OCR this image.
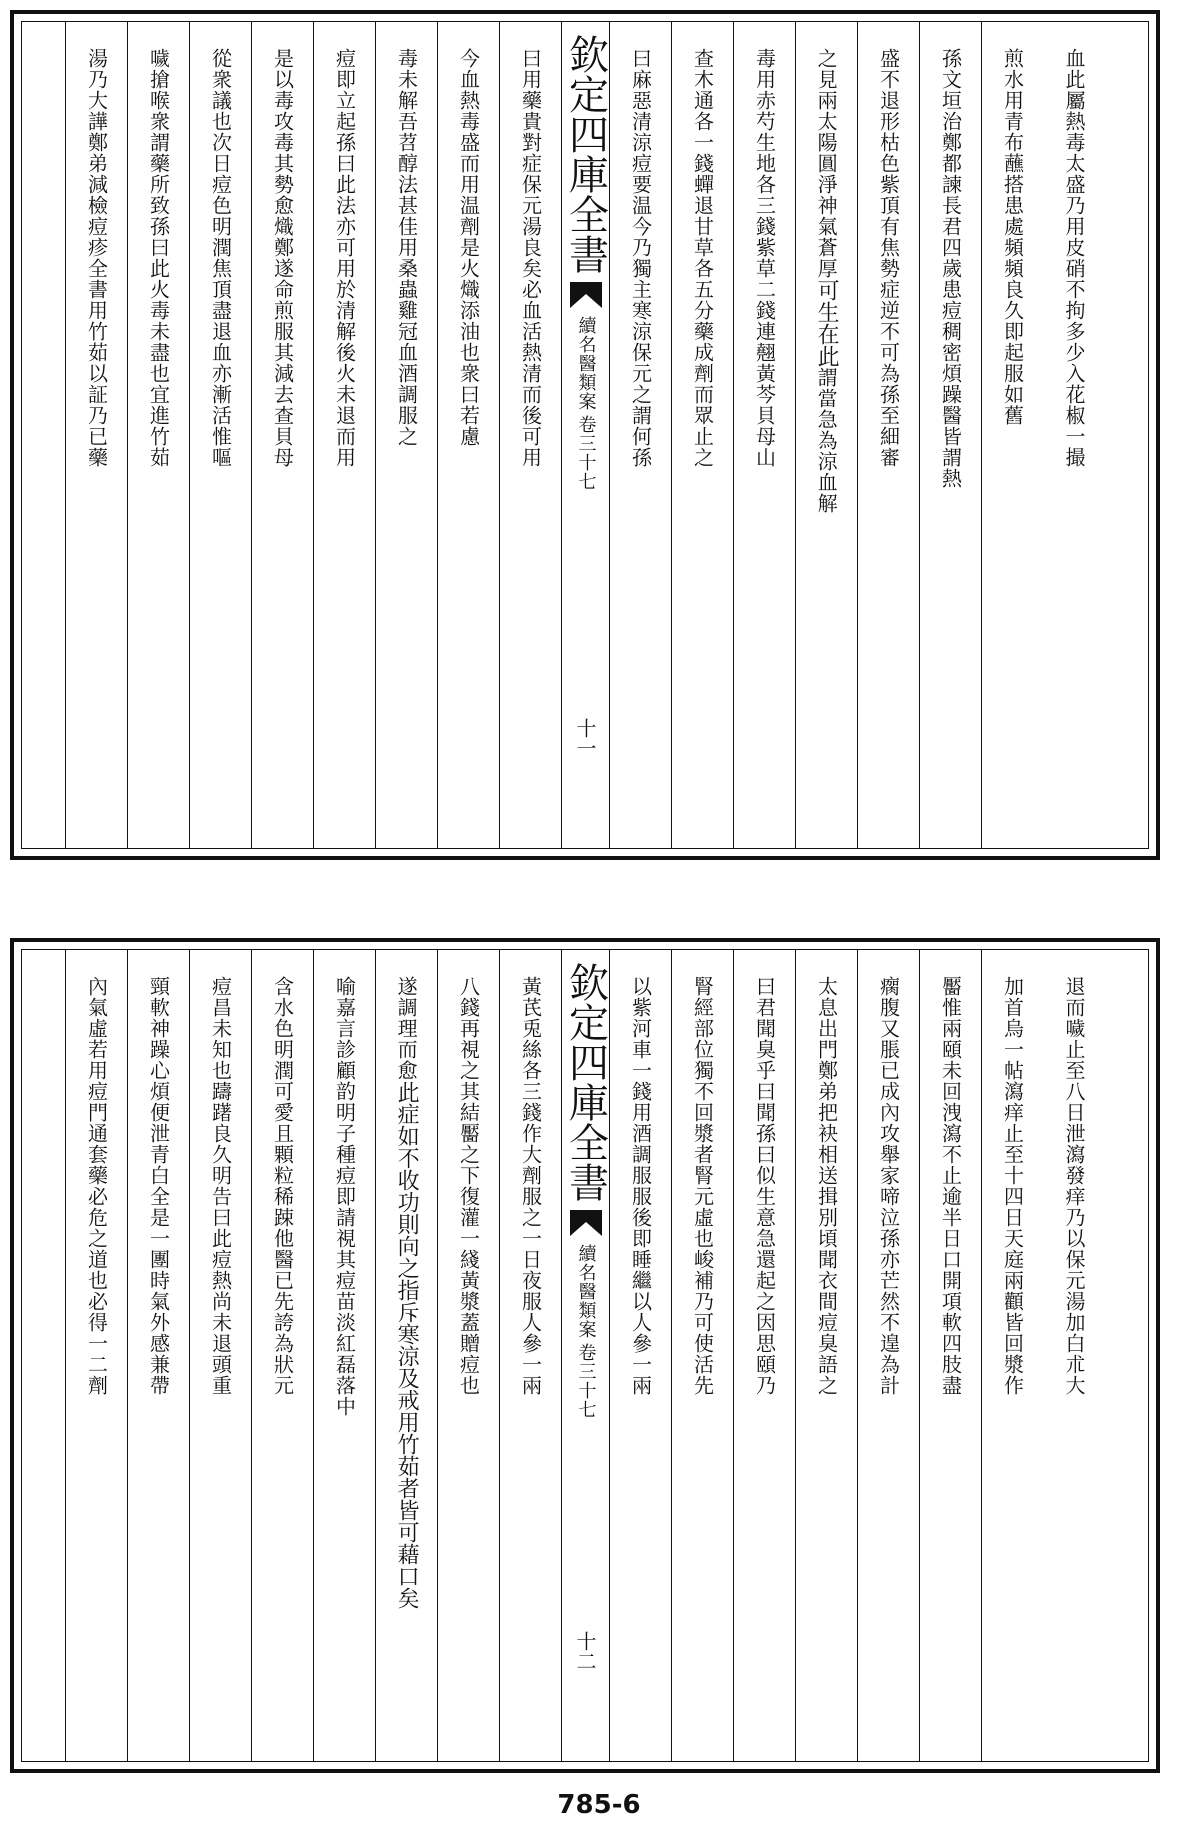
血此屬熱毒太盛乃用皮硝不拘多少入花椒一撮
煎水用青布蘸搭患處頻頻良久即起服如舊
孫文垣治鄭都諫長君四歲患痘稠密煩躁醫皆謂熱
盛不退形枯色紫頂有焦勢症逆不可為孫至細審
之見兩太陽圓淨神氣蒼厚可生在此謂當急為涼血解
毒用赤芍生地各三錢紫草二錢連翹黃芩貝母山
查木通各一錢蟬退甘草各五分藥成劑而眾止之
曰麻惡清涼痘要温今乃獨主寒涼保元之謂何孫
欽定四庫全書
續名醫類案
卷三十七
十一
曰用藥貴對症保元湯良矣必血活熱清而後可用
今血熱毒盛而用温劑是火熾添油也衆曰若慮
毒未解吾苕醇法甚佳用桑蟲雞冠血酒調服之
痘即立起孫曰此法亦可用於清解後火未退而用
是以毒攻毒其勢愈熾鄭遂命煎服其減去查貝母
從衆議也次日痘色明潤焦頂盡退血亦漸活惟嘔
噦搶喉衆謂藥所致孫曰此火毒未盡也宜進竹茹
湯乃大譁鄭弟減檢痘疹全書用竹茹以証乃已藥
退而噦止至八日泄瀉發痒乃以保元湯加白朮大
加首烏一帖瀉痒止至十四日天庭兩顴皆回漿作
靨惟兩頤未回洩瀉不止逾半日口開項軟四肢盡
瘸腹又脹已成內攻舉家啼泣孫亦芒然不遑為計
太息出門鄭弟把袂相送揖別頃聞衣間痘臭語之
曰君聞臭乎曰聞孫曰似生意急還起之因思頤乃
腎經部位獨不回漿者腎元虛也峻補乃可使活先
以紫河車一錢用酒調服服後即睡繼以人參一兩
欽定四庫全書
續名醫類案
卷三十七
十二
黃芪兎絲各三錢作大劑服之一日夜服人參一兩
八錢再視之其結靨之下復灌一綫黃漿蓋贈痘也
遂調理而愈此症如不收功則向之指斥寒涼及戒用竹茹者皆可藉口矣
喻嘉言診顧䪨明子種痘即請視其痘苗淡紅磊落中
含水色明潤可愛且顆粒稀踈他醫已先誇為狀元
痘昌未知也躊躇良久明告曰此痘熱尚未退頭重
頸軟神躁心煩便泄青白全是一團時氣外感兼帶
內氣虛若用痘門通套藥必危之道也必得一二劑
785-6
